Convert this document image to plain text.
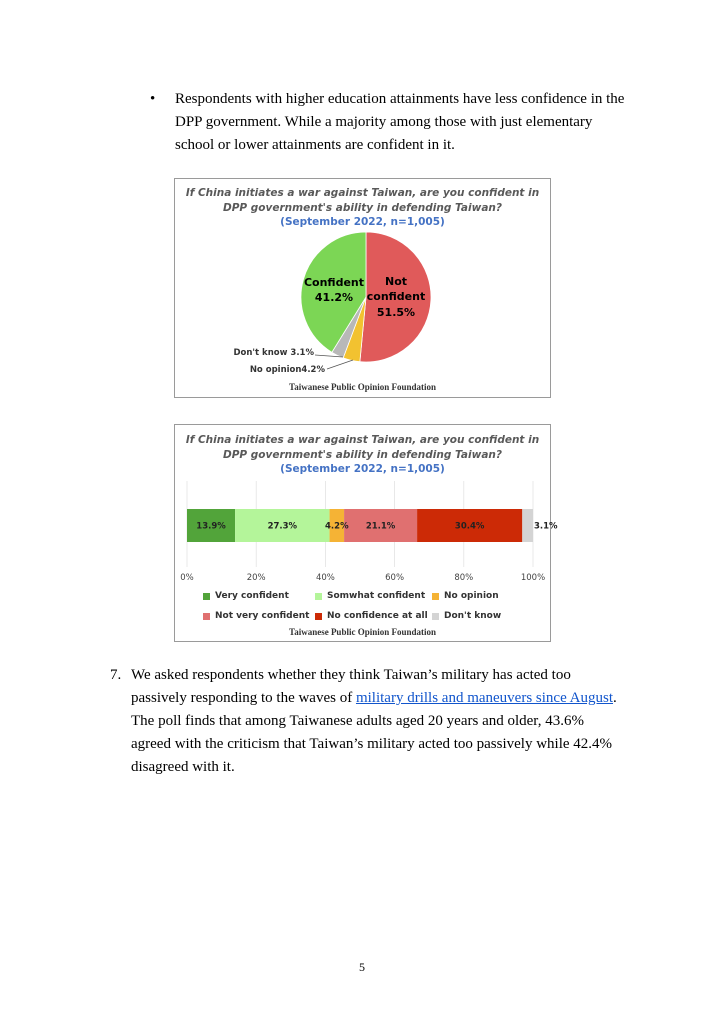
• Respondents with higher education attainments have less confidence in the DPP government. While a majority among those with just elementary school or lower attainments are confident in it.
If China initiates a war against Taiwan, are you confident in
DPP government's ability in defending Taiwan?
(September 2022, n=1,005)
Confident
41.2%
Not
confident
51.5%
Don't know 3.1%
No opinion4.2%
Taiwanese Public Opinion Foundation
If China initiates a war against Taiwan, are you confident in
DPP government's ability in defending Taiwan?
(September 2022, n=1,005)
13.9%	27.3%	4.2% 21.1%	30.4%	3.1%
0%	20%	40%	60%	80%	100%
Very confident	Somwhat confident No opinion
Not very confident No confidence at all Don't know
Taiwanese Public Opinion Foundation
7. We asked respondents whether they think Taiwan’s military has acted too passively responding to the waves of military drills and maneuvers since August. The poll finds that among Taiwanese adults aged 20 years and older, 43.6% agreed with the criticism that Taiwan’s military acted too passively while 42.4% disagreed with it.
5
